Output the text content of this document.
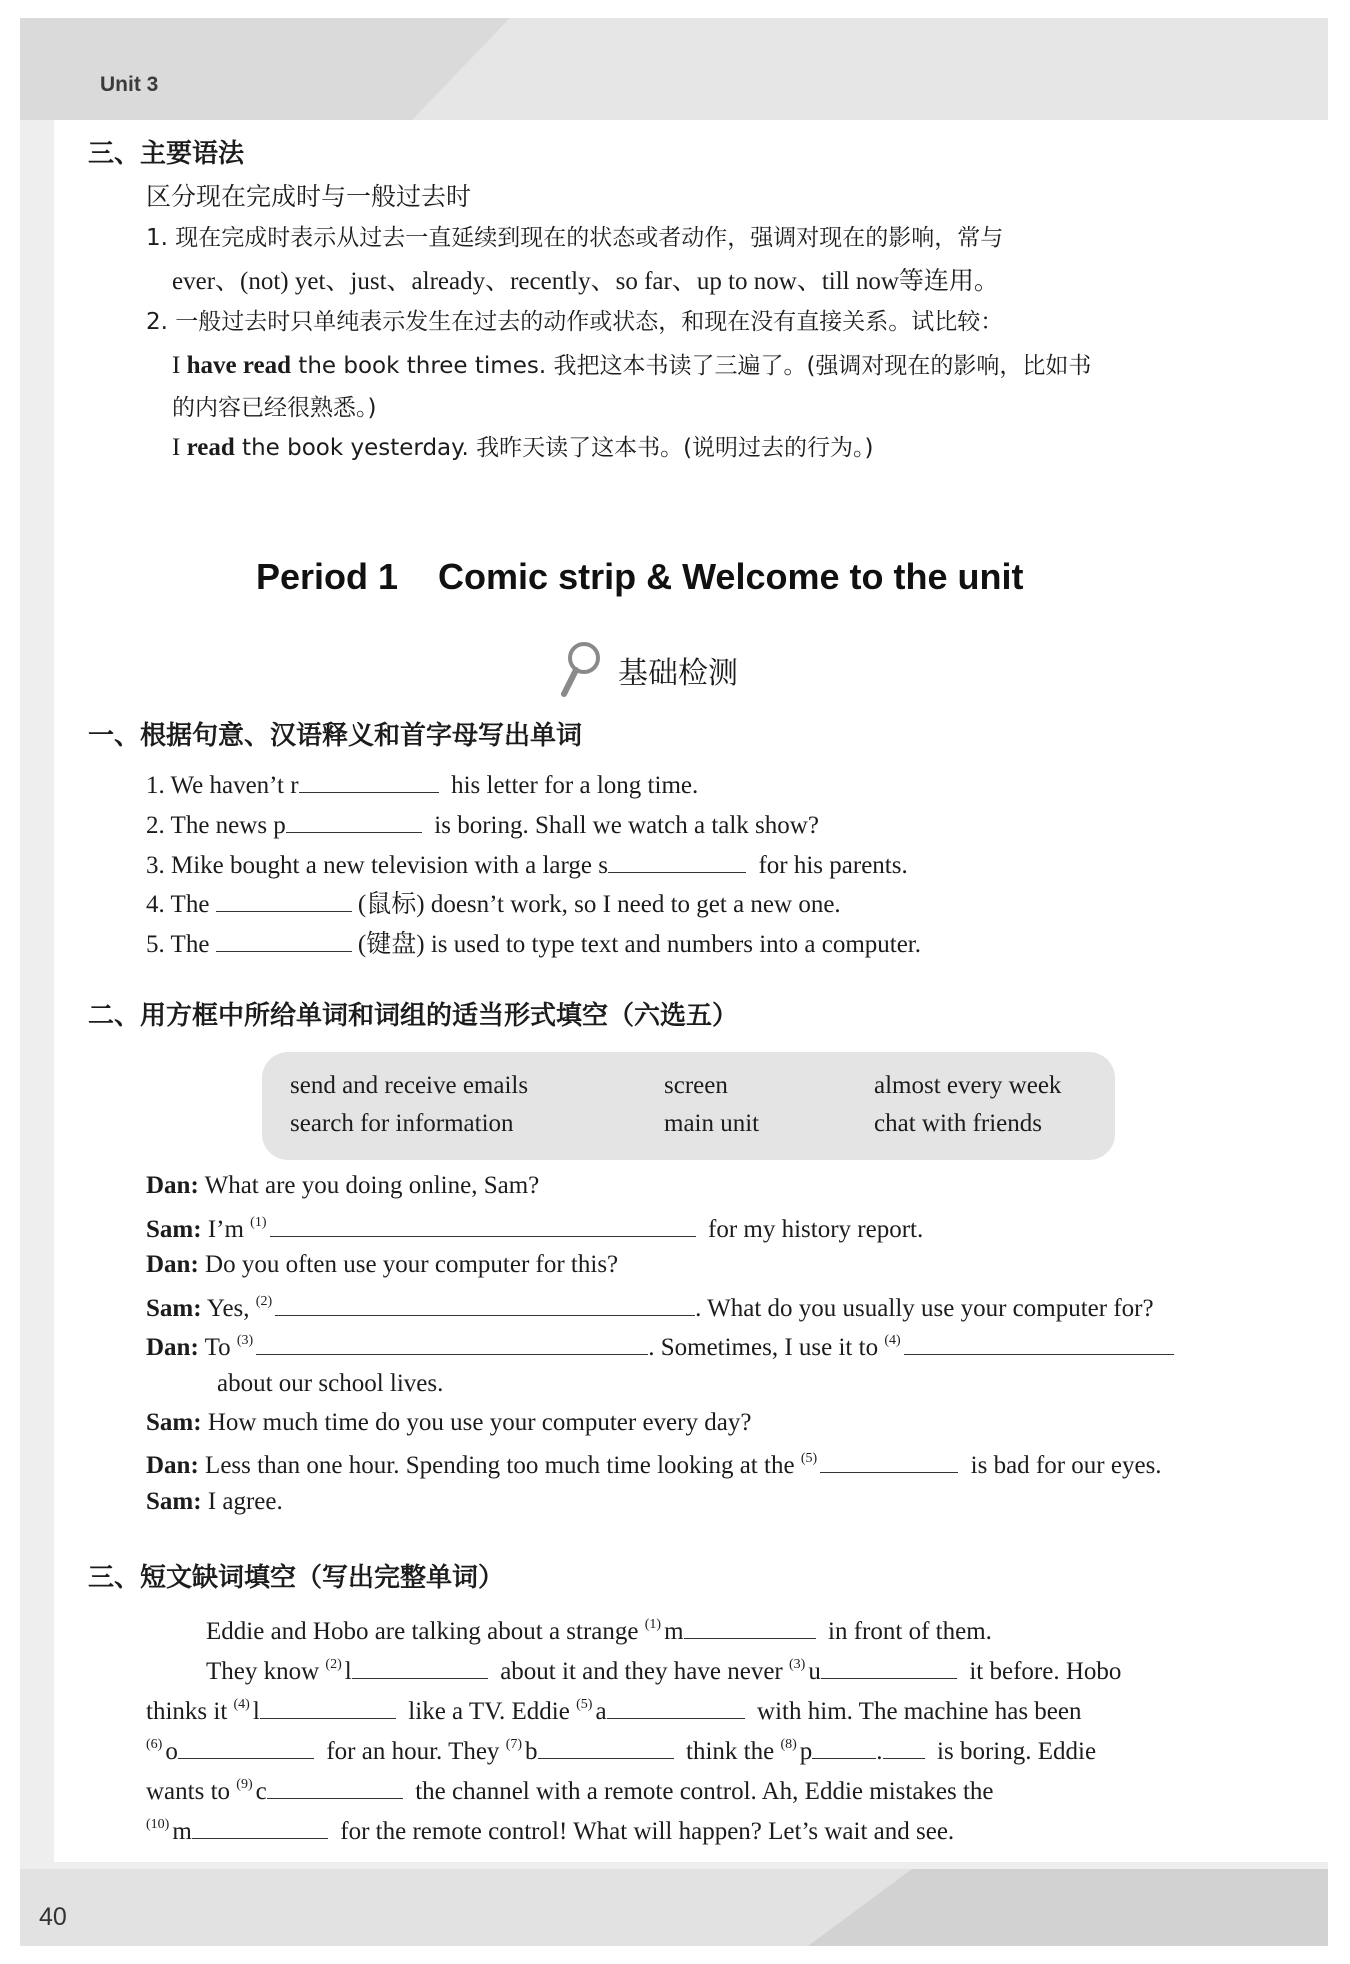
Unit 3
40
三、主要语法
区分现在完成时与一般过去时
1. 现在完成时表示从过去一直延续到现在的状态或者动作，强调对现在的影响，常与
ever、(not) yet、just、already、recently、so far、up to now、till now等连用。
2. 一般过去时只单纯表示发生在过去的动作或状态，和现在没有直接关系。试比较：
I have read the book three times. 我把这本书读了三遍了。(强调对现在的影响，比如书
的内容已经很熟悉。)
I read the book yesterday. 我昨天读了这本书。(说明过去的行为。)
Period 1    Comic strip & Welcome to the unit
基础检测
一、根据句意、汉语释义和首字母写出单词
1. We haven’t r	his letter for a long time.
2. The news p	is boring. Shall we watch a talk show?
3. Mike bought a new television with a large s	for his parents.
4. The	(鼠标) doesn’t work, so I need to get a new one.
5. The	(键盘) is used to type text and numbers into a computer.
二、用方框中所给单词和词组的适当形式填空（六选五）
send and receive emails	screen	almost every week
search for information	main unit	chat with friends
Dan: What are you doing online, Sam?
Sam: I’m $^{(1)}$	for my history report.
Dan: Do you often use your computer for this?
Sam: Yes, $^{(2)}$	. What do you usually use your computer for?
Dan: To $^{(3)}$	. Sometimes, I use it to $^{(4)}$
about our school lives.
Sam: How much time do you use your computer every day?
Dan: Less than one hour. Spending too much time looking at the $^{(5)}$	is bad for our eyes.
Sam: I agree.
三、短文缺词填空（写出完整单词）
Eddie and Hobo are talking about a strange $^{(1)}$ m	in front of them.
They know $^{(2)}$ l	about it and they have never $^{(3)}$ u	it before. Hobo
thinks it $^{(4)}$ l	like a TV. Eddie $^{(5)}$ a	with him. The machine has been
$^{(6)}$ o	for an hour. They $^{(7)}$ b	think the $^{(8)}$ p	. is boring. Eddie
wants to $^{(9)}$ c	the channel with a remote control. Ah, Eddie mistakes the
$^{(10)}$ m	for the remote control! What will happen? Let’s wait and see.
